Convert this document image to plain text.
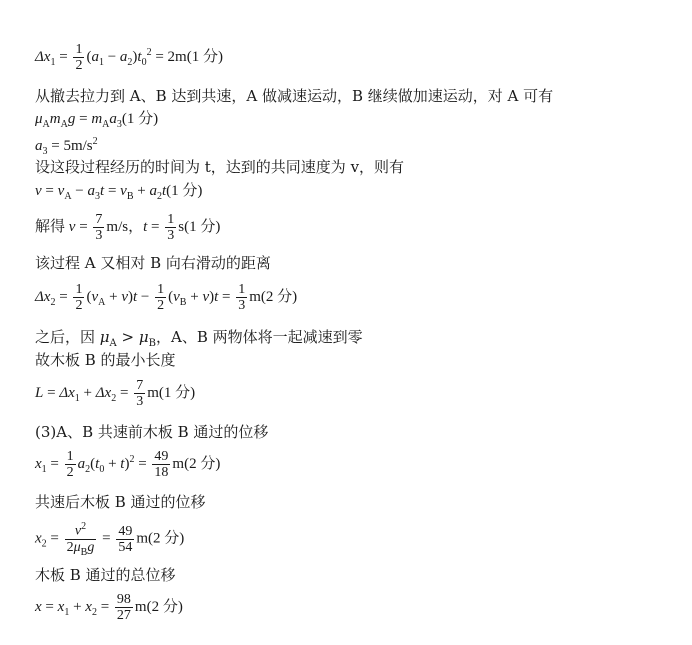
$\Delta x_1 = \frac{1}{2} (a_1 - a_2)t_0^2 = 2m(1$ 分)
从撤去拉力到 A、B 达到共速，A 做减速运动，B 继续做加速运动，对 A 可有
$\mu_Am_Ag = m_Aa_3(1$ 分)
$a_3 = 5m/s^2$
设这段过程经历的时间为 t，达到的共同速度为 v，则有
$v = v_A - a_3t = v_B + a_2t(1$ 分)
解得 $v = \frac{7}{3} m/s$，$t = \frac{1}{3} s(1$ 分)
该过程 A 又相对 B 向右滑动的距离
$\Delta x_2 = \frac{1}{2} (v_A + v)t - \frac{1}{2} (v_B + v)t = \frac{1}{3} m(2$ 分)
之后，因 $\mu_A > \mu_B$，A、B 两物体将一起减速到零
故木板 B 的最小长度
$L = \Delta x_1 + \Delta x_2 = \frac{7}{3} m(1$ 分)
(3)A、B 共速前木板 B 通过的位移
$x_1 = \frac{1}{2} a_2(t_0 + t)^2 = \frac{49}{18} m(2$ 分)
共速后木板 B 通过的位移
$x_2 = \frac{v^2}{2\mu_Bg} = \frac{49}{54} m(2$ 分)
木板 B 通过的总位移
$x = x_1 + x_2 = \frac{98}{27} m(2$ 分)
